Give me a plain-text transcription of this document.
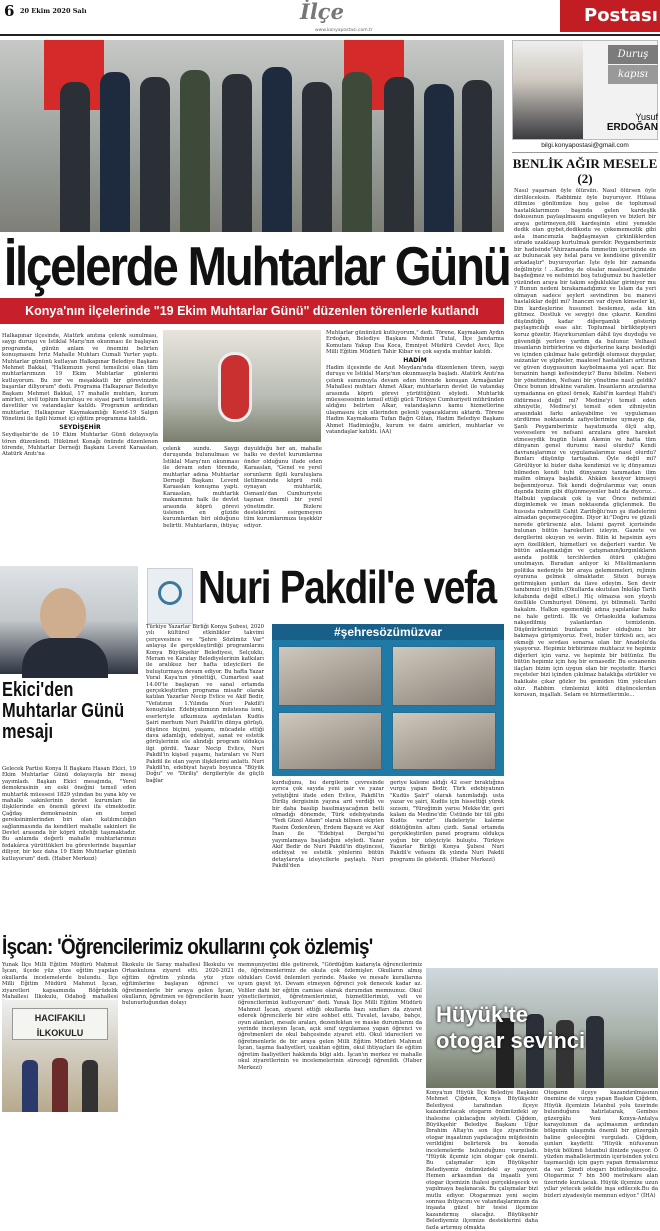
6 20 Ekim 2020 Salı	İlçe
www.konyapostasi.com.tr
Postası
İlçelerde Muhtarlar Günü
Konya'nın ilçelerinde "19 Ekim Muhtarlar Günü" düzenlen törenlerle kutlandı
Halkapınar ilçesinde, Atatürk anıtına çelenk sunulması, saygı duruşu ve İstiklal Marşı'nın okunması ile başlayan programda, günün anlam ve önemini belirten konuşmasını İvriz Mahalle Muhtarı Cumali Yurter yaptı. Muhtarlar gününü kutlayan Halkapınar Belediye Başkanı Mehmet Bakkal, "Halkımızın yerel temsilcisi olan tüm muhtarlarımızın 19 Ekim Muhtarlar günlerini kutluyorum. Bu zor ve meşakkatli bir görevinizde başarılar diliyorum" dedi. Programa Halkapınar Belediye Başkanı Mehmet Bakkal, 17 mahalle muhtarı, kurum amirleri, sivil toplum kuruluşu ve siyasi parti temsilcileri, davetliler ve vatandaşlar katıldı. Programın ardından muhtarlar, Halkapınar Kaymakamlığı Kovid-19 Salgın Yönetimi ile ilgili hizmet içi eğitim programına katıldı.
SEYDİŞEHİR
Seydişehir'de de 19 Ekim Muhtarlar Günü dolayısıyla tören düzenlendi. Hükümet Konağı önünde düzenlenen törende, Muhtarlar Derneği Başkanı Levent Karaaslan, Atatürk Anıtı'na
çelenk sundu. Saygı duruşunda bulunulması ve İstiklal Marşı'nın okunması ile devam eden törende, muhtarlar adına Muhtarlar Derneği Başkanı Levent Karaaslan konuşma yaptı. Karaaslan, muhtarlık makamının halk ile devlet arasında köprü görevi üslenen en güzide kurumlardan biri olduğunu belirtti. Muhtarların, ihtiyaç
duyulduğu her an, mahalle halkı ve devlet kurumlarına önder olduğunu ifade eden Karaaslan, "Genel ve yerel sorunların ilgili kuruluşlara iletilmesinde köprü rolü oynayan muhtarlık, Osmanlı'dan Cumhuriyete taşınan önemli bir yerel yönetimdir. Bizlere desteklerini esirgemeyen tüm kurumlarımıza teşekkür ediyor.
Muhtarlar gününüzü kutluyorum," dedi. Törene, Kaymakam Aydın Erdoğan, Belediye Başkanı Mehmet Tutal, İlçe Jandarma Komutanı Yakup Esa Koca, Emniyet Müdürü Cevdet Avcı, İlçe Milli Eğitim Müdürü Tahir Kibar ve çok sayıda muhtar katıldı.
HADİM
Hadim ilçesinde de Anıt Meydanı'nda düzenlenen tören, saygı duruşu ve İstiklal Marşı'nın okunmasıyla başladı. Atatürk Anıtı'na çelenk sunumuyla devam eden törende konuşan Armağanlar Mahallesi muhtarı Ahmet Alkar, muhtarların devlet ile vatandaş arasında köprü görevi yürüttüğünü söyledi. Muhtarlık müessesesinin temsil ettiği gücü Türkiye Cumhuriyeti mühründen aldığını belirten Alkar, vatandaşların kamu hizmetlerine ulaşmasını için ellerinden gelenli yapacaklarını aktardı. Törene Hadim Kaymakamı Tufan Bağrı Gülan, Hadim Belediye Başkanı Ahmet Hadimioğlu, kurum ve daire amirleri, muhtarlar ve vatandaşlar katıldı. (AA)
Duruş
kapısı
Yusuf
ERDOĞAN
bilgi.konyapostasi@gmail.com
BENLİK AĞIR MESELE (2)
Nasıl yaşarsan öyle ölürsün. Nasıl ölürsen öyle dirilileceksin. Rabbimiz öyle buyuruyor. Hülasa dilimize gönlümüze hoş gelse de toplumsal hastalıklarımızın başında gelen kardeşlik dokusunun paylaşılmasını engelleyen ve bizleri bir araya getirmeyen,ölü kardeşinin etini yemekle dedik olan gıybet,dedikodu ve çekememezlik gibi asla inancımızla bağdaşmayan çirkinliklerden sürade uzaklaşıp kurtulmak gerekir. Peygamberimiz bir hadisinde"Ahirzamanda ümmetim içerisinde en az bulunacak şey helal para ve kendisine güvenilir arkadaştır" buyuruyorlar. İşte öyle bir zamanda değiliniyiz ! ...Kardeş de olsalar maalesef,içimizde başdeğmez ve nefsimizi boş tutuğumuz bu hasletler yüzünden araya bir takım soğukluklar giriniyor mu ? Bunun nedeni bırakamadığımız ve İslam da yeri olmayan sadece şeyleri sevindiren bu manevi hastalıklar değil mi? İnancım var diyen kimseler ki, Din kardeşlerine husumet beslemez, asla kin gütmez. Dostluk ve sevgiyi öne çıkarır. Kendini düşündüğü kadar diğergamlık gösterip paylaşmcılığı esas alır. Toplumsal birliktepiyeri koruz gözetir. Hayırkurumları dâhil üye duyduğu ve güvendiği yerlere yardım da bulunur. Velhasıl insanların birbirlerine ve diğerlerine karşı beslediği ve içinden çıkılmaz hale getirdiği olumsuz duygular, suizanlar ve şüpheler, maalesef hastalıkları arttıran ve güven duygusunun kaybolmasına yol açar. Biz terazinin hangi kefesindeyiz? Bunu bilelim. Nebevi bir yönetimden, Nefsani bir yönetime nasıl geldik? Önce bunun idrakine varalım. İnsanların arzularına uymadanna en güzel örnek, Kabil'in kardeşi Habil'i öldürmesi değil mi? Medine'yi temsil eden zihniyetle, Medine'yi temsil eden zihniyetin arasındaki farkı anlayabilme ve uygulaması sürdürme noktasında zafiyetlerimize uymayıp da, Şanlı Peygamberimiz hayatımızda ölçü alıp, vesveselere ve nefsani arzulara göre hareket etmeseydik bugün İslam Alemin ve hatta tüm dünyanın genel durumu nasıl olurdu? Kendi davranışlarımız ve uygulamalarımız nasıl olurdu? Bunları düşünüp tartışalım. Öyle değil mi? Görülüyor ki bizler daha kendimizi ve iç dünyamızı bilmeden kendi tuhi dünyamızı tanımadan ilim malim olmaya başladık. Ahkâm kesiyor kimseyi beğenmiyoruz. Tek kendi doğrularımız var, onun dışında bizim gibi düşünmeyenler batıl da diyoruz... Halbuki yapılacak çok iş var. Önce nefsimizi dizginlemek ve iman noktasında güçlenmek. Bu hususta rahmetli Cahit Zarifoğlu'nun şu ifadelerini almadan geçemeyeceğim. Diyor ki:"Doğru ve güzeli nerede görürseniz alın. İslami gayret içerisinde bulunan bütün hareketleri izleyin. Gazete ve dergilerini okuyun ve sevin. Bilin ki hepsinin ayrı ayrı özellikleri, hizmetleri ve değerleri vardır. Ve bütün anlaşmazlığın ve çatışmanın/kırgınlıkların asında politik tercihlerden ötürü çıktığını unutmayın. Buradan anlıyor ki Müslümanların politika nedeniyle bir araya gelememeleri, rejimin oyununa gelmek olmaktadır. Sitezi buraya getirmişken şunları da ilave edeyim. Sen devir tanıbımızi iyi bilin.(Okullarda okutulan İnkılâp Tarih kitabında değil elbet.) Hiç olmazsa son yüzyılı özellikle Cumhuriyet Dönemi, iyi bilinmeli. Tarihi bakalım. Halkın egemenliği adına yapılanlar halkı ne hale getirdi. İlk ve Ortaokulda kafamıza nakşedilmiş yalanlardan temizlenin. Düşünürlerimizi bunların neler olduğunu bir bakmaya girişmiyoruz. Evet, bizler türkisü acı, acı ekmeği ve sevdası sonarsa olan bir Anadolu'da yaşıyoruz. Hepimiz birbirimize muhtacız ve hepimiz diğerleri için varız. ve hepimiz bir bütünüz. Bu bütün hepimiz için hoş bir ecnasedir. Bu ecnanenin ilaçları bizim için uygun olan bir reçetedir. Harici reçeteler bizi içinden çıkılmaz bataklığa sürükler ve hakikate çıkar gözler bu gemiden tüm yolcuları olur. Rabbim cümlemizi kötü düşüncelerden korusun, inşallah. Selam ve hürmetlerimle...
Ekici'den Muhtarlar Günü mesajı
Gelecek Partisi Konya İl Başkanı Hasan Ekici, 19 Ekim Muhtarlar Günü dolayısıyla bir mesaj yayımladı. Başkan Ekici mesajında, "Yerel demokrasinin en eski öneğini temsil eden muhtarlık müessesi 1829 yılından bu yana köy ve mahalle sakinlerinin devlet kurumları ile ilişkilerinde en önemli görevi ifa etmektedir. Çağdaş demokrasinin en temel gereksinimlerinden biri olan katılımcılığın sağlanmasında da kendileri mahalle sakinleri ile Devlet arasında bir köprü niteliği taşımaktadır. Bu anlamda değerli mahalle muhtarlarımızı fedakârca yürüttükleri bu görevlerinde başarılar diliyor, bir kez daha 19 Ekim Muhtarlar gününü kutluyorum" dedi. (Haber Merkezi)
Nuri Pakdil'e vefa
Türkiye Yazarlar Birliği Konya Şubesi, 2020 yılı kültürel etkinlikler takvimi çerçevesince ve "Şehre Sözümüz Var" anlayışı ile gerçekleştirdiği programlarını Konya Büyükşehir Belediyesi, Selçuklu, Meram ve Karatay Belediyelerinin katkıları ile aralıksız her hafta izleyicileri ile buluşturmaya devam ediyor. Bu hafta Yazar Vural Kaya'nın yönettiği, Cumartesi saat 14.00'te başlayan ve sanal ortamda gerçekleştirilen programa misafir olarak katılan Yazarlar Necip Evlice ve Akif Bedir, "Vefatının 1.Yılında Nuri Pakdil'i konuştular. Edebiyatımızın müstesna ismi, eserleriyle ufkumuza aydınlatan Kudüs Şairi merhum Nuri Pakdil'in dünya görüşü, düşünce biçimi, yaşamı, mücadele ettiği dava adamlığı, edebiyat, sanat ve estetik görüşlerinin ele alındığı program oldukça ilgi gördü. Yazar Necip Evlice, Nuri Pakdil'in kişisel yaşamı, hatıraları ve Nuri Pakdil ile olan yayın ilişkilerini anlattı. Nuri Pakdil'in, edebiyat hayatı boyunca "Büyük Doğu" ve "Diriliş" dergileriyle de güçlü bağlar
#şehresözümüzvar
kurduğunu, bu dergilerin çevresinde ayrıca çok sayıda yeni şair ve yazar yetiştiğini ifade eden Evlice, Pakdil'in Diriliş dergisinin yayına ard verdiği ve bir daha basılıp basılmayacağının belli olmadığı dönemde, Türk edebiyatında "Yedi Güzel Adam" olarak bilinen ekipten Rasim Özdenören, Erdem Bayazıt ve Akif İnan ile "Edebiyat Dergisi"ni yayımlamaya başladığını söyledi. Yazar Akif Bedir de Nuri Pakdil'in düşüncesi, edebiyat ve estetik yönlerini bütün detaylarıyla izleyicilerle paylaştı. Nuri Pakdil'den
geriye kaleme aldığı 42 eser bıraktığına vurgu yapan Bedir, Türk edebiyatının "Kudüs Şairi" olarak tanımladığı usta yazar ve şairi, Kudüs için hissettiği yürek sızısını, "Yüreğimin yarısı Mekke'dir, geri kalanı da Medine'dir. Üstünde bir tül gibi Kudüs vardır" ifadeleriyle kaleme döktüğünün altını çizdi. Sanal ortamda gerçekleştirilen panel programı oldukça yoğun bir izleyiciyle buluştu. Türkiye Yazarlar Birliği Konya Şubesi Nuri Pakdil'e vefasını ilk yılında Nuri Pakdil programı ile gösterdi. (Haber Merkezi)
İşcan: 'Öğrencilerimiz okullarını çok özlemiş'
Yunak İlçe Milli Eğitim Müdürü Mahmut İşcan, ilçede yüz yüze eğitim yapılan okullarda incelemelerde bulundu. İlçe Milli Eğitim Müdürü Mahmut İşcan, ziyaretleri kapsamında Böğrüdelik Mahallesi İlkokulu, Odaboğ mahallesi
HACIFAKILI İLKOKULU
İlkokulu ile Saray mahallesi İlkokulu ve Ortaokuluna ziyaret etti. 2020-2021 eğitim öğretim yılında yüz yüze eğitimlerine başlayan öğrenci ve öğretmenlerle bir araya gelen İşcan, okulların, öğretmen ve öğrencilerin hazır bulunurluğundan dolayı
memnuniyetini dile getirerek, "Gördüğüm kadarıyla öğrencilerimiz de, öğretmenlerimiz de okula çok özlemişler. Okulların almış oldukları Covid önlemleri yerinde. Maske ve mesafe kurallarına uyum gayet iyi. Devam etmeyen öğrenci yok denecek kadar az. Veliler dahi bir eğitim camiası olarak durumdan memnunuz. Okul yöneticilerimizi, öğretmenlerimizi, hizmetlilerimizi, veli ve öğrencilerimizi kutluyorum" dedi. Yunak İlçe Milli Eğitim Müdürü Mahmut İşcan, ziyaret ettiği okullarda bazı sınıfları da ziyaret ederek öğrencilerle bir süre sohbet etti. Tuvalet, lavabo, bahçe, oyun alanları, mesafe araları, dezenfektan ve maske durumlarını da yerinde inceleyen İşcan, açık sınıf uygulaması yapan öğrenci ve öğretmenleri de okul bahçesinde ziyaret etti. Okul idarecileri ve öğretmenlerle de bir araya gelen Milli Eğitim Müdürü Mahmut İşcan, taşıma faaliyetleri, uzaktan eğitim, okul ihtiyaçları ile eğitim öğretim faaliyetleri hakkında bilgi aldı. İşcan'ın merkez ve mahalle okul ziyaretlerinin ve incelemelerinin süreceği öğrenildi. (Haber Merkezi)
Hüyük'te
otogar sevinci
Konya'nın Hüyük İlçe Belediye Başkanı Mehmet Çiğdem, Konya Büyükşehir Belediyesi tarafından ilçeye kazandırılacak otogarın önümüzdeki ay ihalesine çıkılacağını söyledi. Çiğdem, Büyükşehir Belediye Başkanı Uğur İbrahim Altay'ın son ilçe ziyaretinde otogar inşaatının yapılacağını müjdesinin verildiğini belirterek bu konuda incelemelerde bulunduğunu vurguladı. "Hüyük ilçemiz için otogar çok önemli. Bu çalışmalar için Büyükşehir Belediyemiz önümüzdeki ay yapıyor. Hemen arkasından da inşaatlı yeni otogar ilçemizin ihalesi gerçekleşecek ve yapılmaya başlanacak. Bu çalışmalar bizi mutlu ediyor. Otogarımızı yeni seçim sonrası ihtiyacını ve vatandaşlarımızın da inşaata güzel bir tesisi ilçemize kazandırmış olacağız. Büyükşehir Belediyemiz ilçemize desteklerini daha fazla artırmış olmakta
Otogarın ilçeye kazandırılmasının önemine de vurgu yapan Başkan Çiğdem, Hüyük ilçemizin İstanbul yolu üzerinde bulunduğunu hatırlatarak, Gembos güzergâhı Yeni Konya-Antalya karayolunun da açılmasının ardından bölgenin ulaşımda önemli bir güzergâh haline geleceğini vurguladı. Çiğdem, şunları kaydetti: "Hüyük nüfusunun büyük bölümü İstanbul ilinizde yaşıyor. Ö yüzden mahallelerimizin içerisinden yolcu taşımacılığı için gayrı yapan firmalarımız da var. Şimdi otogarı bütünleştireceğiz. Otogarımız 7 bin 500 metrekare alan üzerinde kurulacak. Hüyük ilçemize uzun yıllar yetecek şekilde inşa edilecek.Bu da bizleri ziyadesiyle memnun ediyor." (İHA)
